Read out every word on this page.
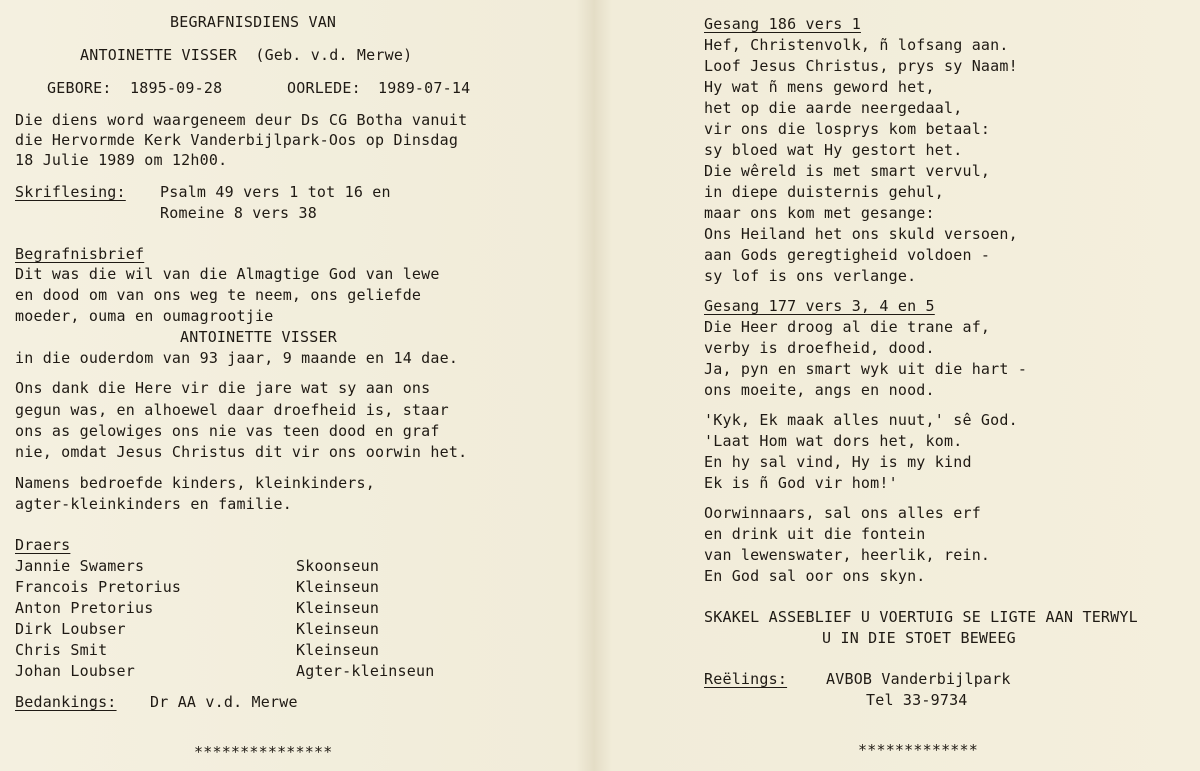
BEGRAFNISDIENS VAN
ANTOINETTE VISSER  (Geb. v.d. Merwe)
GEBORE: 1895-09-28	OORLEDE: 1989-07-14
Die diens word waargeneem deur Ds CG Botha vanuit
die Hervormde Kerk Vanderbijlpark-Oos op Dinsdag
18 Julie 1989 om 12h00.
Skriflesing: Psalm 49 vers 1 tot 16 en
Romeine 8 vers 38
Begrafnisbrief
Dit was die wil van die Almagtige God van lewe
en dood om van ons weg te neem, ons geliefde
moeder, ouma en oumagrootjie
ANTOINETTE VISSER
in die ouderdom van 93 jaar, 9 maande en 14 dae.
Ons dank die Here vir die jare wat sy aan ons
gegun was, en alhoewel daar droefheid is, staar
ons as gelowiges ons nie vas teen dood en graf
nie, omdat Jesus Christus dit vir ons oorwin het.
Namens bedroefde kinders, kleinkinders,
agter-kleinkinders en familie.
Draers
Jannie Swamers	Skoonseun
Francois Pretorius	Kleinseun
Anton Pretorius	Kleinseun
Dirk Loubser	Kleinseun
Chris Smit	Kleinseun
Johan Loubser	Agter-kleinseun
Bedankings: Dr AA v.d. Merwe
***************
Gesang 186 vers 1
Hef, Christenvolk, ñ lofsang aan.
Loof Jesus Christus, prys sy Naam!
Hy wat ñ mens geword het,
het op die aarde neergedaal,
vir ons die losprys kom betaal:
sy bloed wat Hy gestort het.
Die wêreld is met smart vervul,
in diepe duisternis gehul,
maar ons kom met gesange:
Ons Heiland het ons skuld versoen,
aan Gods geregtigheid voldoen -
sy lof is ons verlange.
Gesang 177 vers 3, 4 en 5
Die Heer droog al die trane af,
verby is droefheid, dood.
Ja, pyn en smart wyk uit die hart -
ons moeite, angs en nood.
'Kyk, Ek maak alles nuut,' sê God.
'Laat Hom wat dors het, kom.
En hy sal vind, Hy is my kind
Ek is ñ God vir hom!'
Oorwinnaars, sal ons alles erf
en drink uit die fontein
van lewenswater, heerlik, rein.
En God sal oor ons skyn.
SKAKEL ASSEBLIEF U VOERTUIG SE LIGTE AAN TERWYL
U IN DIE STOET BEWEEG
Reëlings:	AVBOB Vanderbijlpark
Tel 33-9734
*************
